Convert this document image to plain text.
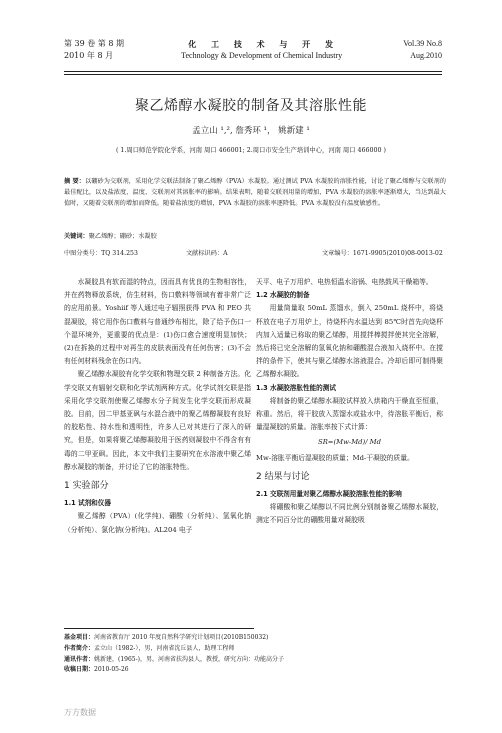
第 39 卷 第 8 期	化 工 技 术 与 开 发	Vol.39 No.8
2010 年 8 月	Technology & Development of Chemical Industry	Aug.2010
聚乙烯醇水凝胶的制备及其溶胀性能
孟立山 ¹,², 詹秀环 ¹， 姚新建 ¹
( 1.周口师范学院化学系，河南 周口 466001; 2.周口市安全生产培训中心，河南 周口 466000 )
摘 要：以硼砂为交联剂，采用化学交联法制备了聚乙烯醇（PVA）水凝胶。通过测试 PVA 水凝胶的溶胀性能，讨论了聚乙烯醇与交联剂的最佳配比，以及盐浓度、温度、交联剂对其溶胀率的影响。结果表明，随着交联剂用量的增加，PVA 水凝胶的溶胀率逐渐增大，当达到最大值时，又随着交联剂的增加而降低。随着盐浓度的增加，PVA 水凝胶的溶胀率逐降低。PVA 水凝胶没有温度敏感性。
关键词：聚乙烯醇；硼砂；水凝胶
中图分类号：TQ 314.253	文献标识码：A	文章编号：1671-9905(2010)08-0013-02

水凝胶具有软而湿的特点，因而具有优良的生物相容性，并在药物释放系统，仿生材料，伤口敷料等领域有着非常广泛的应用前景。Yoshiif 等人通过电子辐照获得 PVA 和 PEO 共混凝胶，将它用作伤口敷料与普通纱布相比，除了给予伤口一个湿环境外，更重要的优点是：(1)伤口愈合速度明显加快；(2)在拆换的过程中对再生的皮肤表面没有任何伤害；(3)不会有任何材料残余在伤口内。

聚乙烯醇水凝胶有化学交联和物理交联 2 种制备方法。化学交联又有辐射交联和化学试剂两种方式。化学试剂交联是指采用化学交联剂使聚乙烯醇水分子间发生化学交联而形成凝胶。目前，因二甲基亚砜与水混合液中的聚乙烯醇凝胶有良好的胶粘性、持水性和透明性，许多人已对其进行了深入的研究，但是，如果将聚乙烯醇凝胶用于医药则凝胶中不得含有有毒的二甲亚砜。因此，本文中我们主要研究在水溶液中聚乙烯醇水凝胶的制备，并讨论了它的溶胀特性。

1 实验部分
1.1 试剂和仪器

聚乙烯醇（PVA）(化学纯)、硼酸（分析纯）、氢氧化钠（分析纯）、氯化钠(分析纯)。AL204 电子

天平、电子万用炉、电热恒温水浴锅、电热鼓风干燥箱等。
1.2 水凝胶的制备

用量筒量取 50mL 蒸馏水，倒入 250mL 烧杯中，将烧杯放在电子万用炉上，待烧杯内水温达到 85℃时首先向烧杯内加入适量已称取的聚乙烯醇，用搅拌棒搅拌使其完全溶解，然后将已完全溶解的氢氧化钠和硼酸混合液加入烧杯中。在搅拌的条件下，使其与聚乙烯醇水溶液混合。冷却后即可制得聚乙烯醇水凝胶。

1.3 水凝胶溶胀性能的测试

将制备的聚乙烯醇水凝胶试样放入烘箱内干燥直至恒重，称重。然后，将干胶放入蒸馏水或盐水中，待溶胀平衡后，称量湿凝胶的质量。溶胀率按下式计算：

SR=(Mw-Md)/ Md
Mw-溶胀平衡后湿凝胶的质量；Md-干凝胶的质量。
2 结果与讨论
2.1 交联剂用量对聚乙烯醇水凝胶溶胀性能的影响

将硼酸和聚乙烯醇以不同比例分别制备聚乙烯醇水凝胶，测定不同百分比的硼酸用量对凝胶吸

基金项目：河南省教育厅 2010 年度自然科学研究计划项目(2010B150032)
作者简介：孟立山（1982-），男，河南省沈丘县人，助理工程师
通讯作者：姚新建，(1965-)，男，河南省扶沟县人，教授，研究方向：功能高分子
收稿日期：2010-05-26
万方数据
